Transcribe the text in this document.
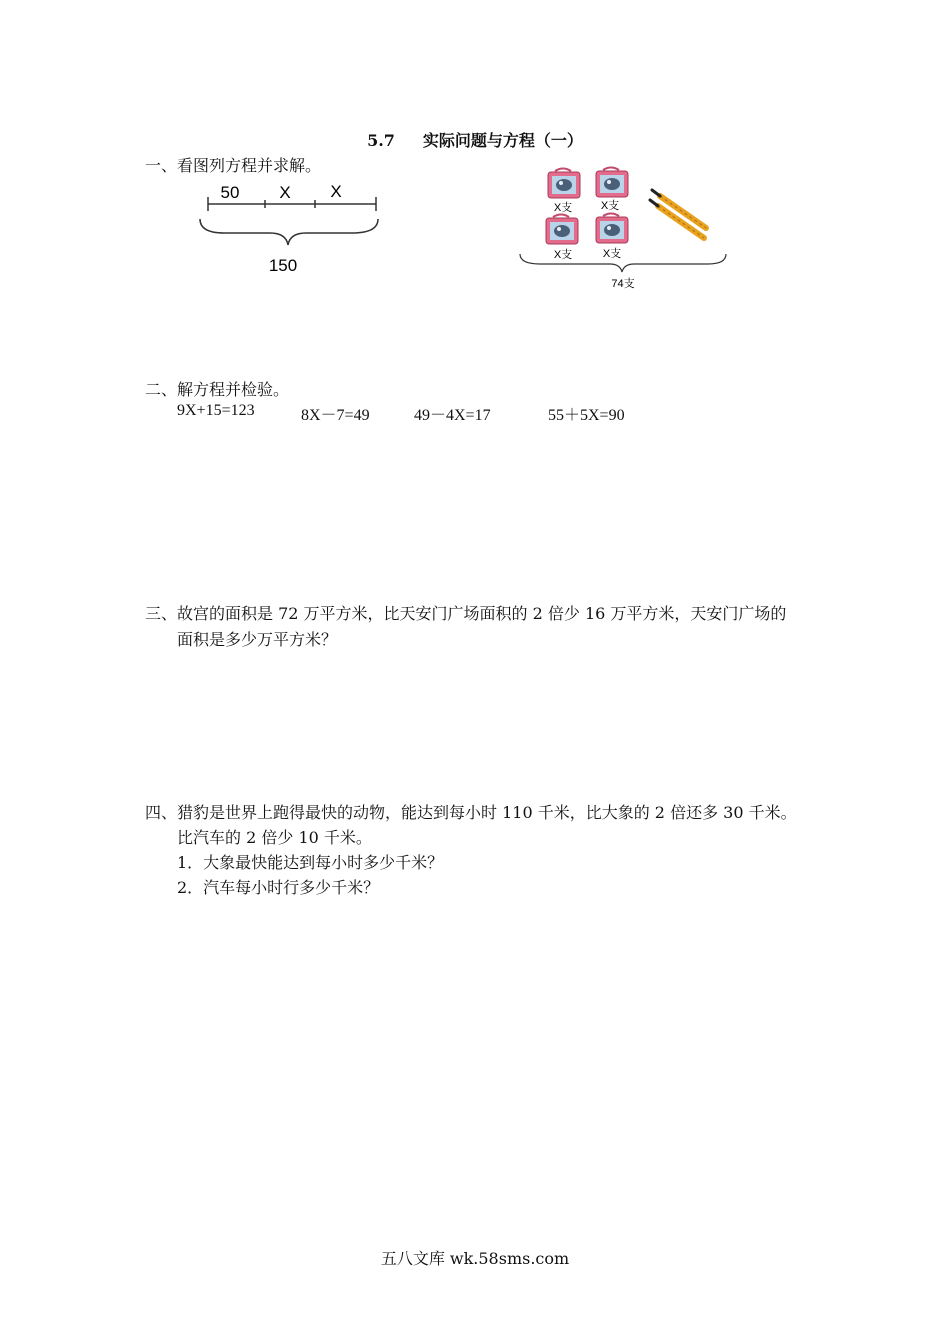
5.7 实际问题与方程（一）
一、看图列方程并求解。
50 X X
150
X支	X支
X支	X支
74支
二、解方程并检验。
9X+15=123	8X－7=49	49－4X=17	55＋5X=90
三、故宫的面积是 72 万平方米，比天安门广场面积的 2 倍少 16 万平方米，天安门广场的
面积是多少万平方米？
四、猎豹是世界上跑得最快的动物，能达到每小时 110 千米，比大象的 2 倍还多 30 千米。
比汽车的 2 倍少 10 千米。
1．大象最快能达到每小时多少千米？
2．汽车每小时行多少千米？
五八文库 wk.58sms.com
